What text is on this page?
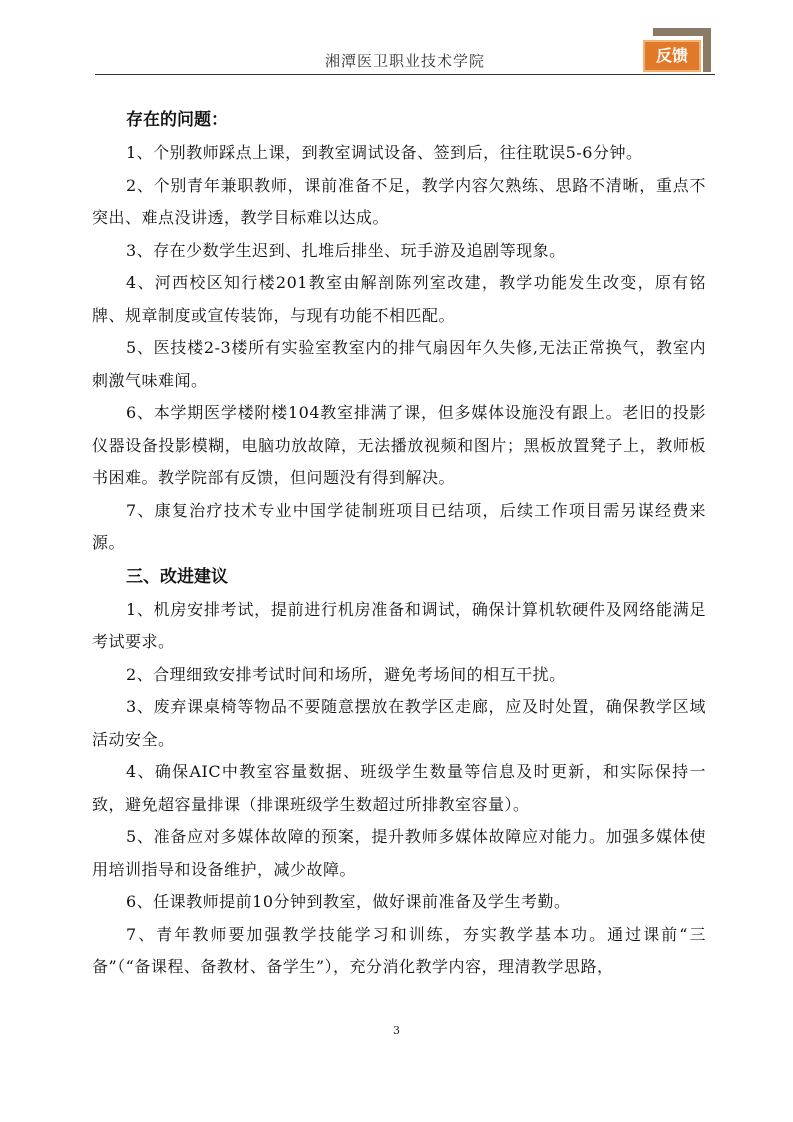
湘潭医卫职业技术学院	反馈

存在的问题：

1、个别教师踩点上课，到教室调试设备、签到后，往往耽误5-6分钟。

2、个别青年兼职教师，课前准备不足，教学内容欠熟练、思路不清晰，重点不突出、难点没讲透，教学目标难以达成。

3、存在少数学生迟到、扎堆后排坐、玩手游及追剧等现象。

4、河西校区知行楼201教室由解剖陈列室改建，教学功能发生改变，原有铭牌、规章制度或宣传装饰，与现有功能不相匹配。

5、医技楼2-3楼所有实验室教室内的排气扇因年久失修,无法正常换气，教室内刺激气味难闻。

6、本学期医学楼附楼104教室排满了课，但多媒体设施没有跟上。老旧的投影仪器设备投影模糊，电脑功放故障，无法播放视频和图片；黑板放置凳子上，教师板书困难。教学院部有反馈，但问题没有得到解决。

7、康复治疗技术专业中国学徒制班项目已结项，后续工作项目需另谋经费来源。

三、改进建议

1、机房安排考试，提前进行机房准备和调试，确保计算机软硬件及网络能满足考试要求。

2、合理细致安排考试时间和场所，避免考场间的相互干扰。

3、废弃课桌椅等物品不要随意摆放在教学区走廊，应及时处置，确保教学区域活动安全。

4、确保AIC中教室容量数据、班级学生数量等信息及时更新，和实际保持一致，避免超容量排课（排课班级学生数超过所排教室容量）。

5、准备应对多媒体故障的预案，提升教师多媒体故障应对能力。加强多媒体使用培训指导和设备维护，减少故障。

6、任课教师提前10分钟到教室，做好课前准备及学生考勤。

7、青年教师要加强教学技能学习和训练，夯实教学基本功。通过课前“三备”（“备课程、备教材、备学生”），充分消化教学内容，理清教学思路，

3
